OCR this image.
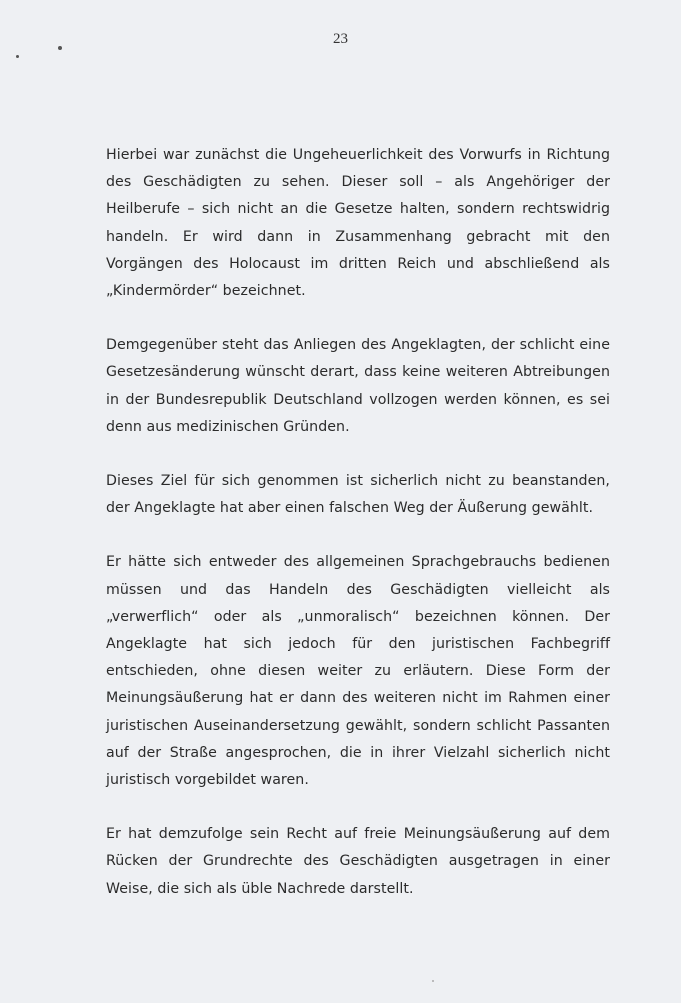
23

Hierbei war zunächst die Ungeheuerlichkeit des Vorwurfs in Richtung des Geschädigten zu sehen. Dieser soll – als Angehöriger der Heilberufe – sich nicht an die Gesetze halten, sondern rechtswidrig handeln. Er wird dann in Zusammenhang gebracht mit den Vorgängen des Holocaust im dritten Reich und abschließend als „Kindermörder“ bezeichnet.

Demgegenüber steht das Anliegen des Angeklagten, der schlicht eine Gesetzesänderung wünscht derart, dass keine weiteren Abtreibungen in der Bundesrepublik Deutschland vollzogen werden können, es sei denn aus medizinischen Gründen.

Dieses Ziel für sich genommen ist sicherlich nicht zu beanstanden, der Angeklagte hat aber einen falschen Weg der Äußerung gewählt.

Er hätte sich entweder des allgemeinen Sprachgebrauchs bedienen müssen und das Handeln des Geschädigten vielleicht als „verwerflich“ oder als „unmoralisch“ bezeichnen können. Der Angeklagte hat sich jedoch für den juristischen Fachbegriff entschieden, ohne diesen weiter zu erläutern. Diese Form der Meinungsäußerung hat er dann des weiteren nicht im Rahmen einer juristischen Auseinandersetzung gewählt, sondern schlicht Passanten auf der Straße angesprochen, die in ihrer Vielzahl sicherlich nicht juristisch vorgebildet waren.

Er hat demzufolge sein Recht auf freie Meinungsäußerung auf dem Rücken der Grundrechte des Geschädigten ausgetragen in einer Weise, die sich als üble Nachrede darstellt.
